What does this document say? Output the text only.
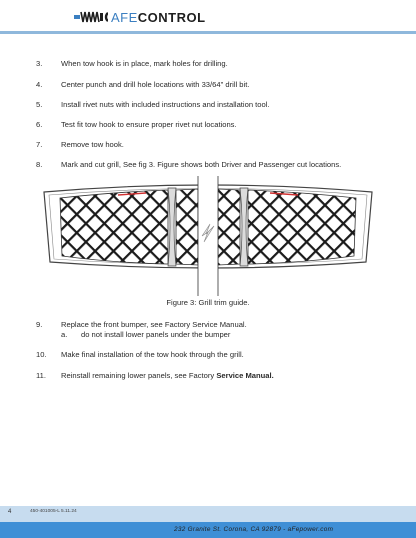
AFE CONTROL
3. When tow hook is in place, mark holes for drilling.
4. Center punch and drill hole locations with 33/64" drill bit.
5. Install rivet nuts with included instructions and installation tool.
6. Test fit tow hook to ensure proper rivet nut locations.
7. Remove tow hook.
8. Mark and cut grill, See fig 3. Figure shows both Driver and Passenger cut locations.
Figure 3: Grill trim guide.
9. Replace the front bumper, see Factory Service Manual.
a. do not install lower panels under the bumper
10. Make final installation of the tow hook through the grill.
11. Reinstall remaining lower panels, see Factory Service Manual.
4	450-401005-L 5.11.24
232 Granite St. Corona, CA 92879 - aFepower.com
